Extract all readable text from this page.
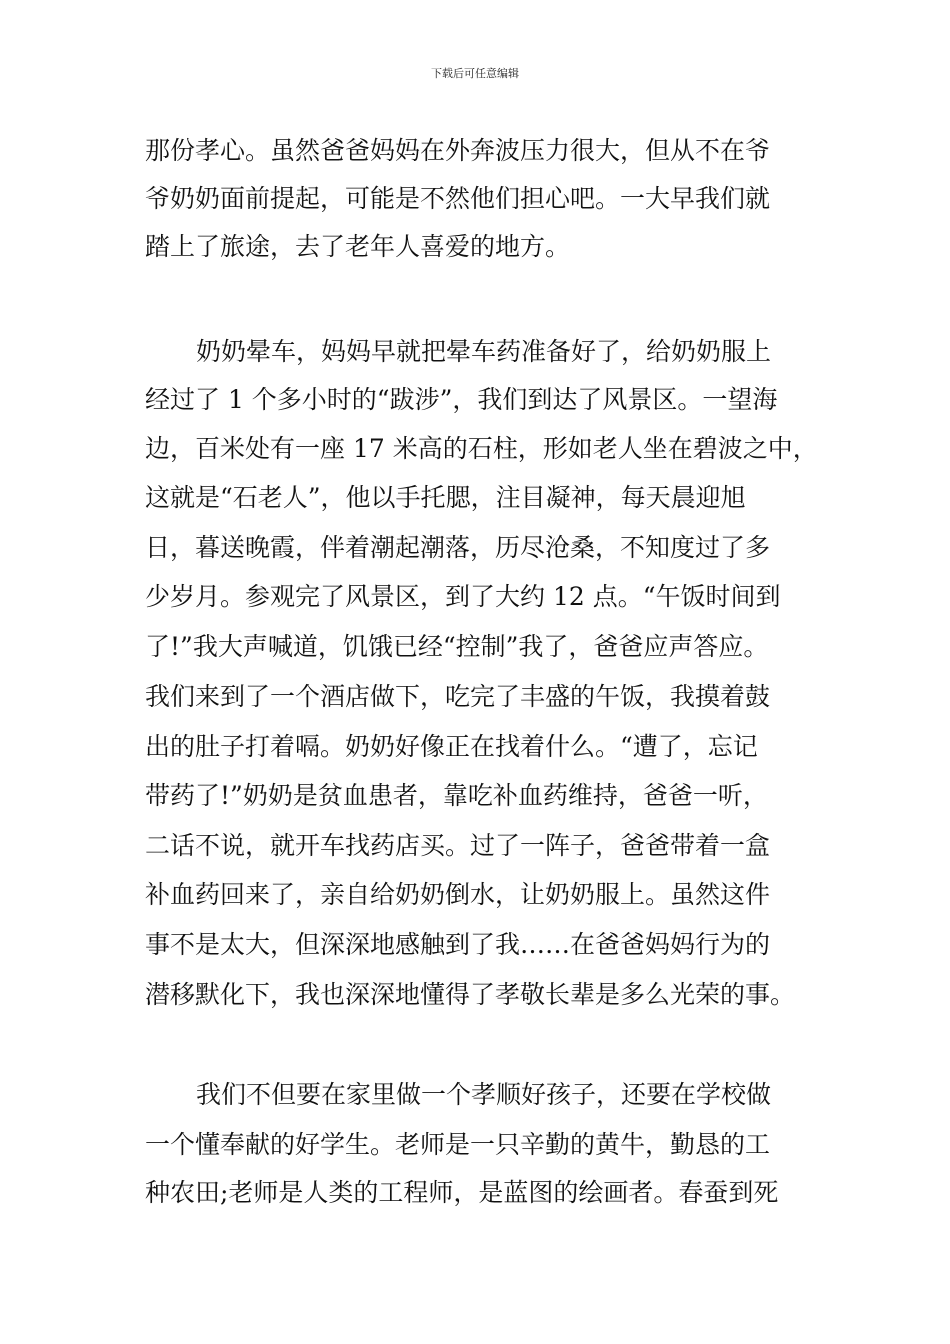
下载后可任意编辑
那份孝心。虽然爸爸妈妈在外奔波压力很大，但从不在爷
爷奶奶面前提起，可能是不然他们担心吧。一大早我们就
踏上了旅途，去了老年人喜爱的地方。
奶奶晕车，妈妈早就把晕车药准备好了，给奶奶服上
经过了 1 个多小时的“跋涉”，我们到达了风景区。一望海
边，百米处有一座 17 米高的石柱，形如老人坐在碧波之中，
这就是“石老人”，他以手托腮，注目凝神，每天晨迎旭
日，暮送晚霞，伴着潮起潮落，历尽沧桑，不知度过了多
少岁月。参观完了风景区，到了大约 12 点。“午饭时间到
了!”我大声喊道，饥饿已经“控制”我了，爸爸应声答应。
我们来到了一个酒店做下，吃完了丰盛的午饭，我摸着鼓
出的肚子打着嗝。奶奶好像正在找着什么。“遭了，忘记
带药了!”奶奶是贫血患者，靠吃补血药维持，爸爸一听，
二话不说，就开车找药店买。过了一阵子，爸爸带着一盒
补血药回来了，亲自给奶奶倒水，让奶奶服上。虽然这件
事不是太大，但深深地感触到了我……在爸爸妈妈行为的
潜移默化下，我也深深地懂得了孝敬长辈是多么光荣的事。
我们不但要在家里做一个孝顺好孩子，还要在学校做
一个懂奉献的好学生。老师是一只辛勤的黄牛，勤恳的工
种农田;老师是人类的工程师，是蓝图的绘画者。春蚕到死
